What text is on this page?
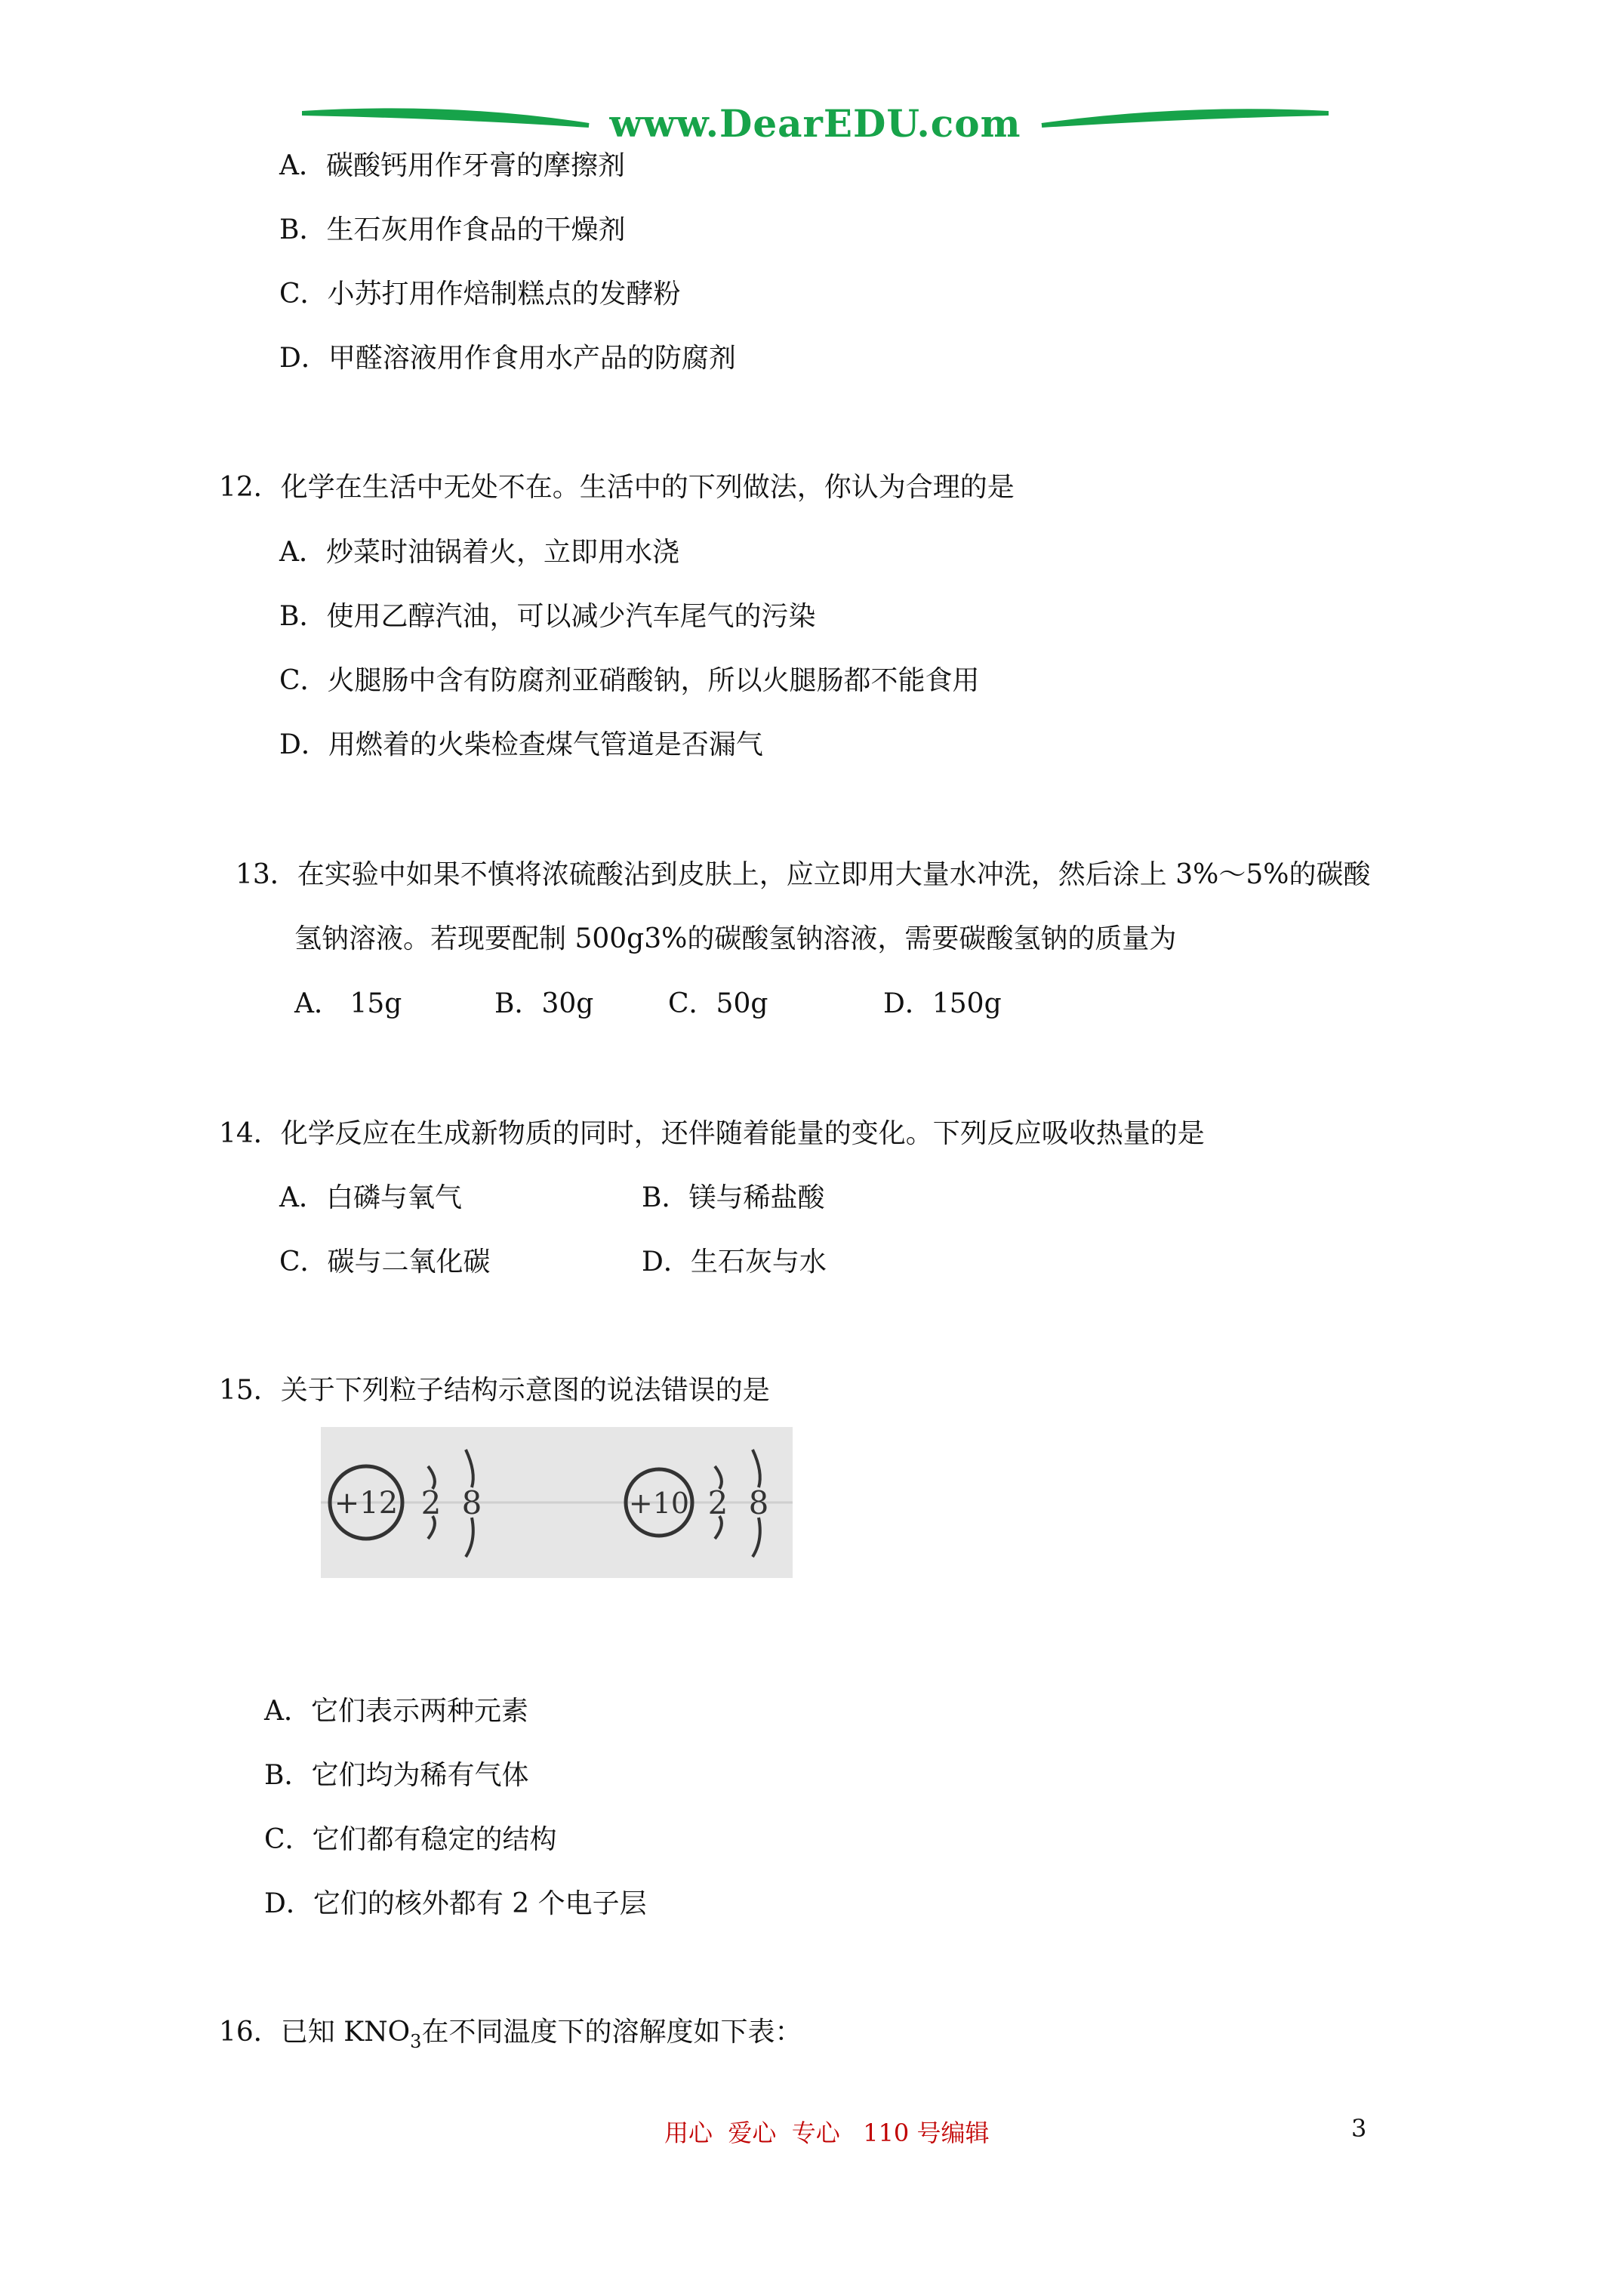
www.DearEDU.com
A．碳酸钙用作牙膏的摩擦剂
B．生石灰用作食品的干燥剂
C．小苏打用作焙制糕点的发酵粉
D．甲醛溶液用作食用水产品的防腐剂
12．化学在生活中无处不在。生活中的下列做法，你认为合理的是
A．炒菜时油锅着火，立即用水浇
B．使用乙醇汽油，可以减少汽车尾气的污染
C．火腿肠中含有防腐剂亚硝酸钠，所以火腿肠都不能食用
D．用燃着的火柴检查煤气管道是否漏气
13．在实验中如果不慎将浓硫酸沾到皮肤上，应立即用大量水冲洗，然后涂上 3%～5%的碳酸
氢钠溶液。若现要配制 500g3%的碳酸氢钠溶液，需要碳酸氢钠的质量为
A． 15g	B．30g	C．50g	D．150g
14．化学反应在生成新物质的同时，还伴随着能量的变化。下列反应吸收热量的是
A．白磷与氧气	B．镁与稀盐酸
C．碳与二氧化碳	D．生石灰与水
15．关于下列粒子结构示意图的说法错误的是
+12 2 8	+10 2 8
A．它们表示两种元素
B．它们均为稀有气体
C．它们都有稳定的结构
D．它们的核外都有 2 个电子层
16．已知 $KNO_3$在不同温度下的溶解度如下表：
用心  爱心  专心   110 号编辑	3
